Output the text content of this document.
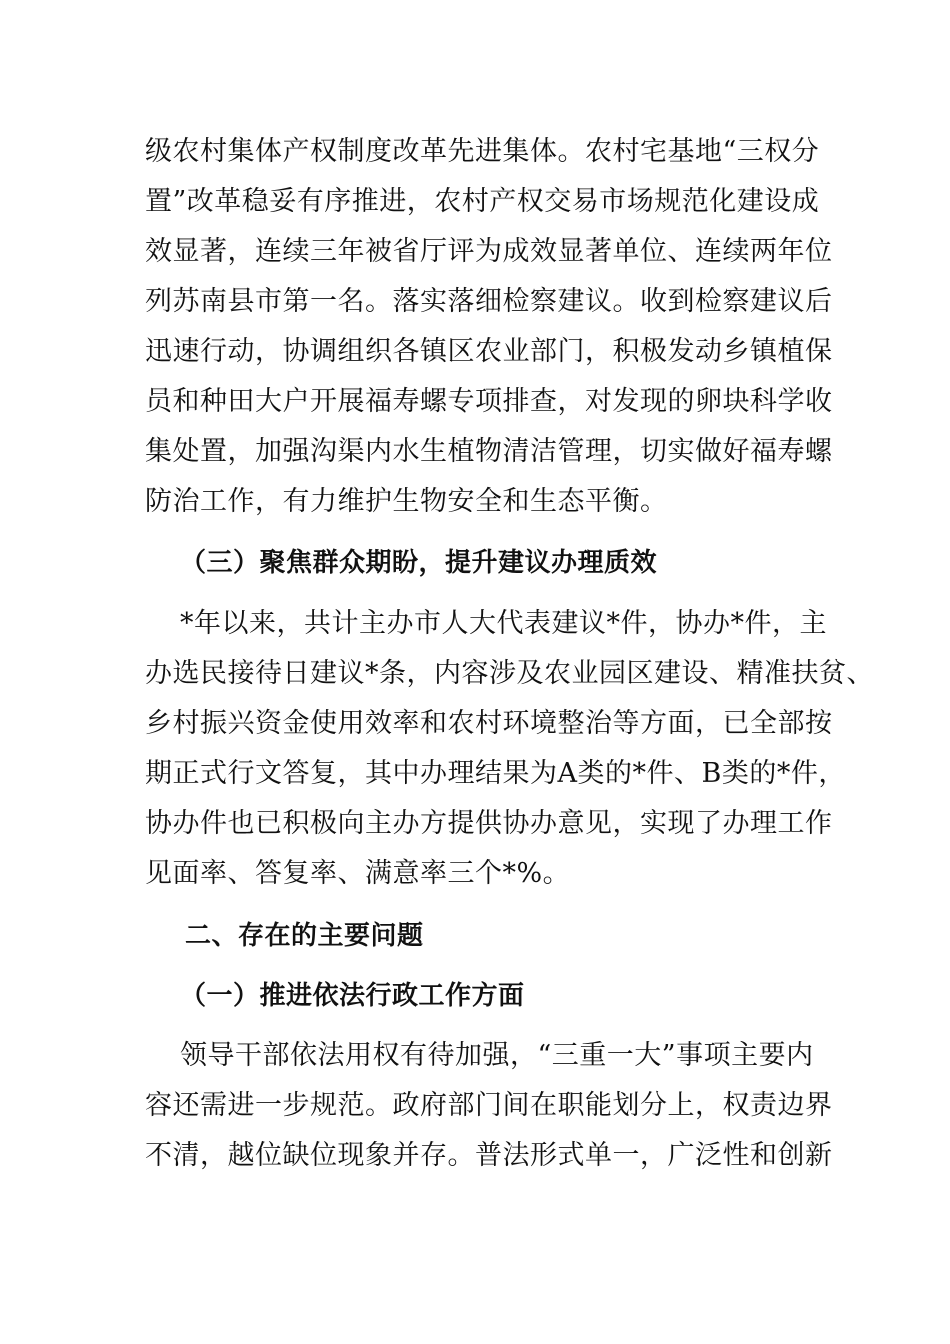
级农村集体产权制度改革先进集体。农村宅基地“三权分
置”改革稳妥有序推进，农村产权交易市场规范化建设成
效显著，连续三年被省厅评为成效显著单位、连续两年位
列苏南县市第一名。落实落细检察建议。收到检察建议后
迅速行动，协调组织各镇区农业部门，积极发动乡镇植保
员和种田大户开展福寿螺专项排查，对发现的卵块科学收
集处置，加强沟渠内水生植物清洁管理，切实做好福寿螺
防治工作，有力维护生物安全和生态平衡。
（三）聚焦群众期盼，提升建议办理质效
*年以来，共计主办市人大代表建议*件，协办*件，主
办选民接待日建议*条，内容涉及农业园区建设、精准扶贫、
乡村振兴资金使用效率和农村环境整治等方面，已全部按
期正式行文答复，其中办理结果为A类的*件、B类的*件，
协办件也已积极向主办方提供协办意见，实现了办理工作
见面率、答复率、满意率三个*%。
二、存在的主要问题
（一）推进依法行政工作方面
领导干部依法用权有待加强，“三重一大”事项主要内
容还需进一步规范。政府部门间在职能划分上，权责边界
不清，越位缺位现象并存。普法形式单一，广泛性和创新
